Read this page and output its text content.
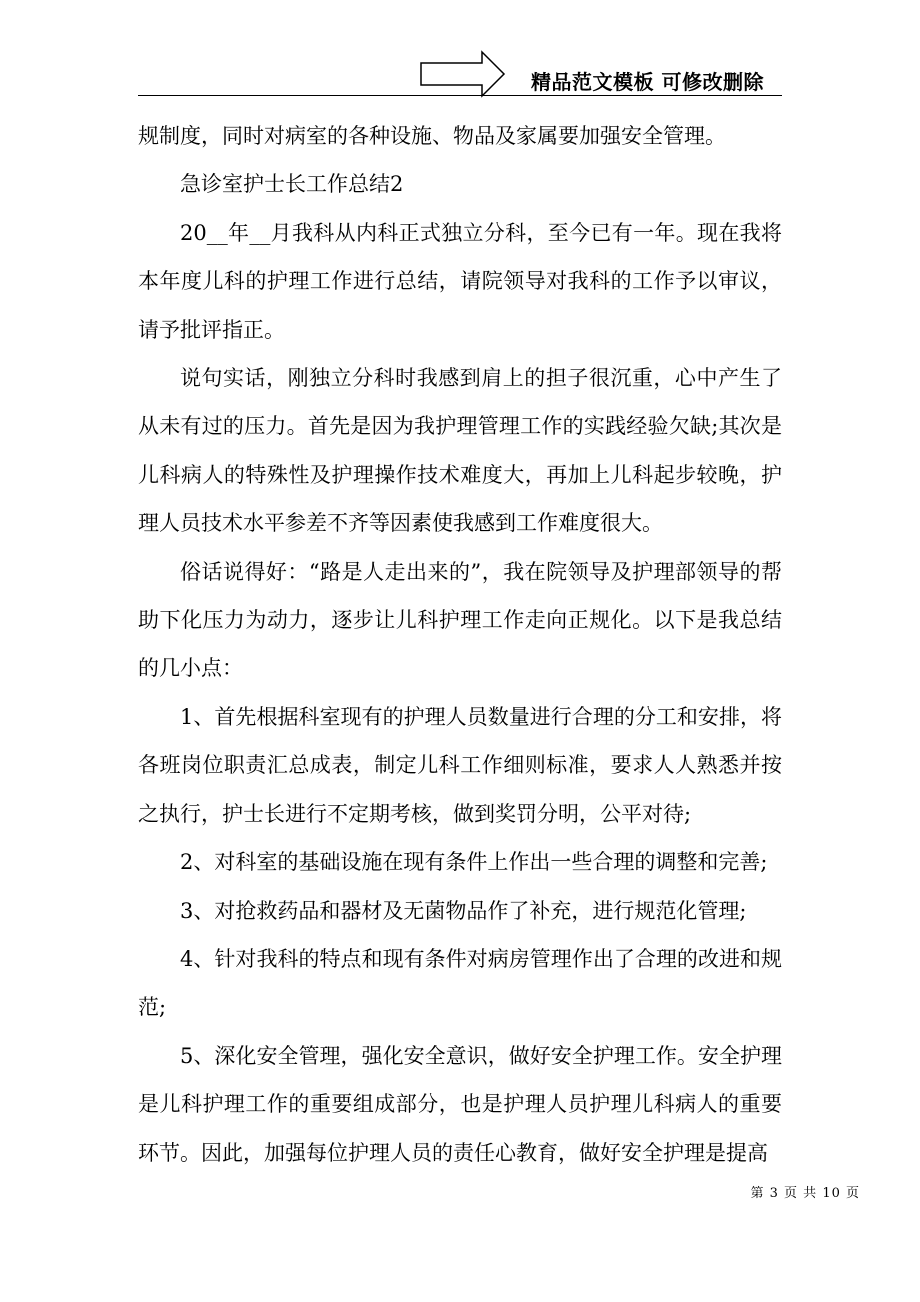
精品范文模板 可修改删除

规制度，同时对病室的各种设施、物品及家属要加强安全管理。

急诊室护士长工作总结2

20__年__月我科从内科正式独立分科，至今已有一年。现在我将本年度儿科的护理工作进行总结，请院领导对我科的工作予以审议，请予批评指正。

说句实话，刚独立分科时我感到肩上的担子很沉重，心中产生了从未有过的压力。首先是因为我护理管理工作的实践经验欠缺;其次是儿科病人的特殊性及护理操作技术难度大，再加上儿科起步较晚，护理人员技术水平参差不齐等因素使我感到工作难度很大。

俗话说得好：“路是人走出来的”，我在院领导及护理部领导的帮助下化压力为动力，逐步让儿科护理工作走向正规化。以下是我总结的几小点：

1、首先根据科室现有的护理人员数量进行合理的分工和安排，将各班岗位职责汇总成表，制定儿科工作细则标准，要求人人熟悉并按之执行，护士长进行不定期考核，做到奖罚分明，公平对待;

2、对科室的基础设施在现有条件上作出一些合理的调整和完善;

3、对抢救药品和器材及无菌物品作了补充，进行规范化管理;

4、针对我科的特点和现有条件对病房管理作出了合理的改进和规范;

5、深化安全管理，强化安全意识，做好安全护理工作。安全护理是儿科护理工作的重要组成部分，也是护理人员护理儿科病人的重要环节。因此，加强每位护理人员的责任心教育，做好安全护理是提高

第 3 页 共 10 页
